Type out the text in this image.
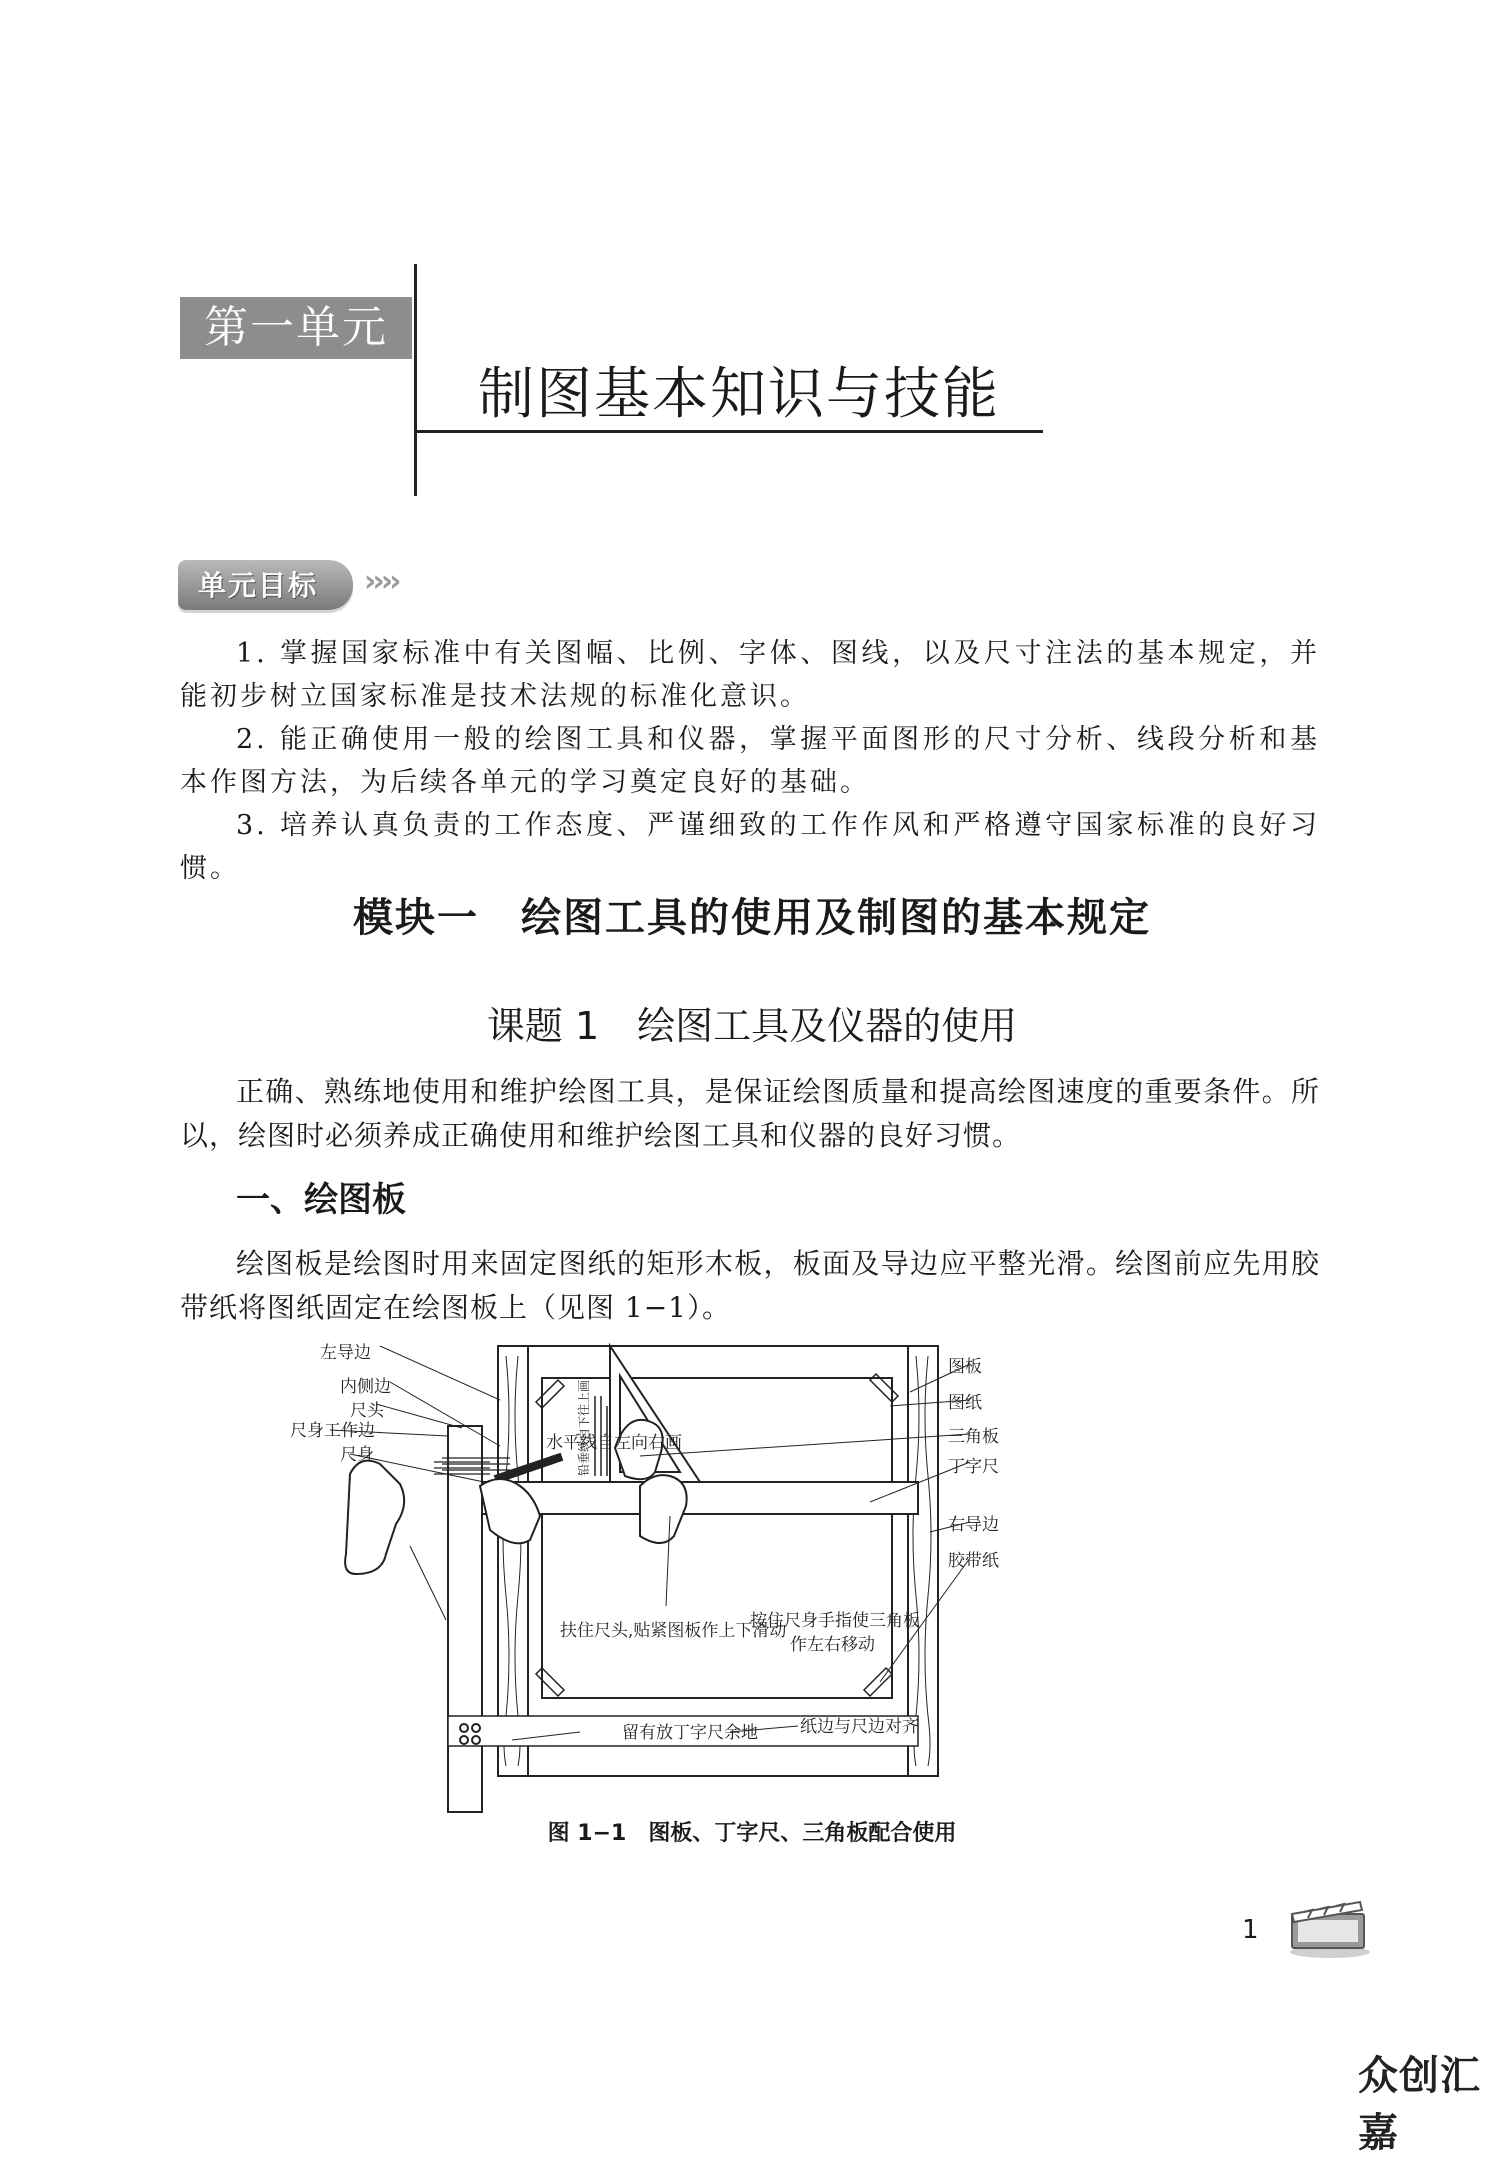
第一单元
制图基本知识与技能
单元目标 ››››

1. 掌握国家标准中有关图幅、比例、字体、图线，以及尺寸注法的基本规定，并能初步树立国家标准是技术法规的标准化意识。

2. 能正确使用一般的绘图工具和仪器，掌握平面图形的尺寸分析、线段分析和基本作图方法，为后续各单元的学习奠定良好的基础。

3. 培养认真负责的工作态度、严谨细致的工作作风和严格遵守国家标准的良好习惯。

模块一　绘图工具的使用及制图的基本规定
课题 1　绘图工具及仪器的使用

正确、熟练地使用和维护绘图工具，是保证绘图质量和提高绘图速度的重要条件。所以，绘图时必须养成正确使用和维护绘图工具和仪器的良好习惯。

一、绘图板

绘图板是绘图时用来固定图纸的矩形木板，板面及导边应平整光滑。绘图前应先用胶带纸将图纸固定在绘图板上（见图 1−1）。

左导边
内侧边
尺头
尺身工作边
尺身
图板
图纸
三角板
丁字尺
右导边
胶带纸
水平线自左向右画
扶住尺头,贴紧图板作上下滑动
按住尺身手指使三角板
作左右移动
留有放丁字尺余地 纸边与尺边对齐
铅垂线自下往上画
图 1−1　图板、丁字尺、三角板配合使用
1
众创汇嘉
